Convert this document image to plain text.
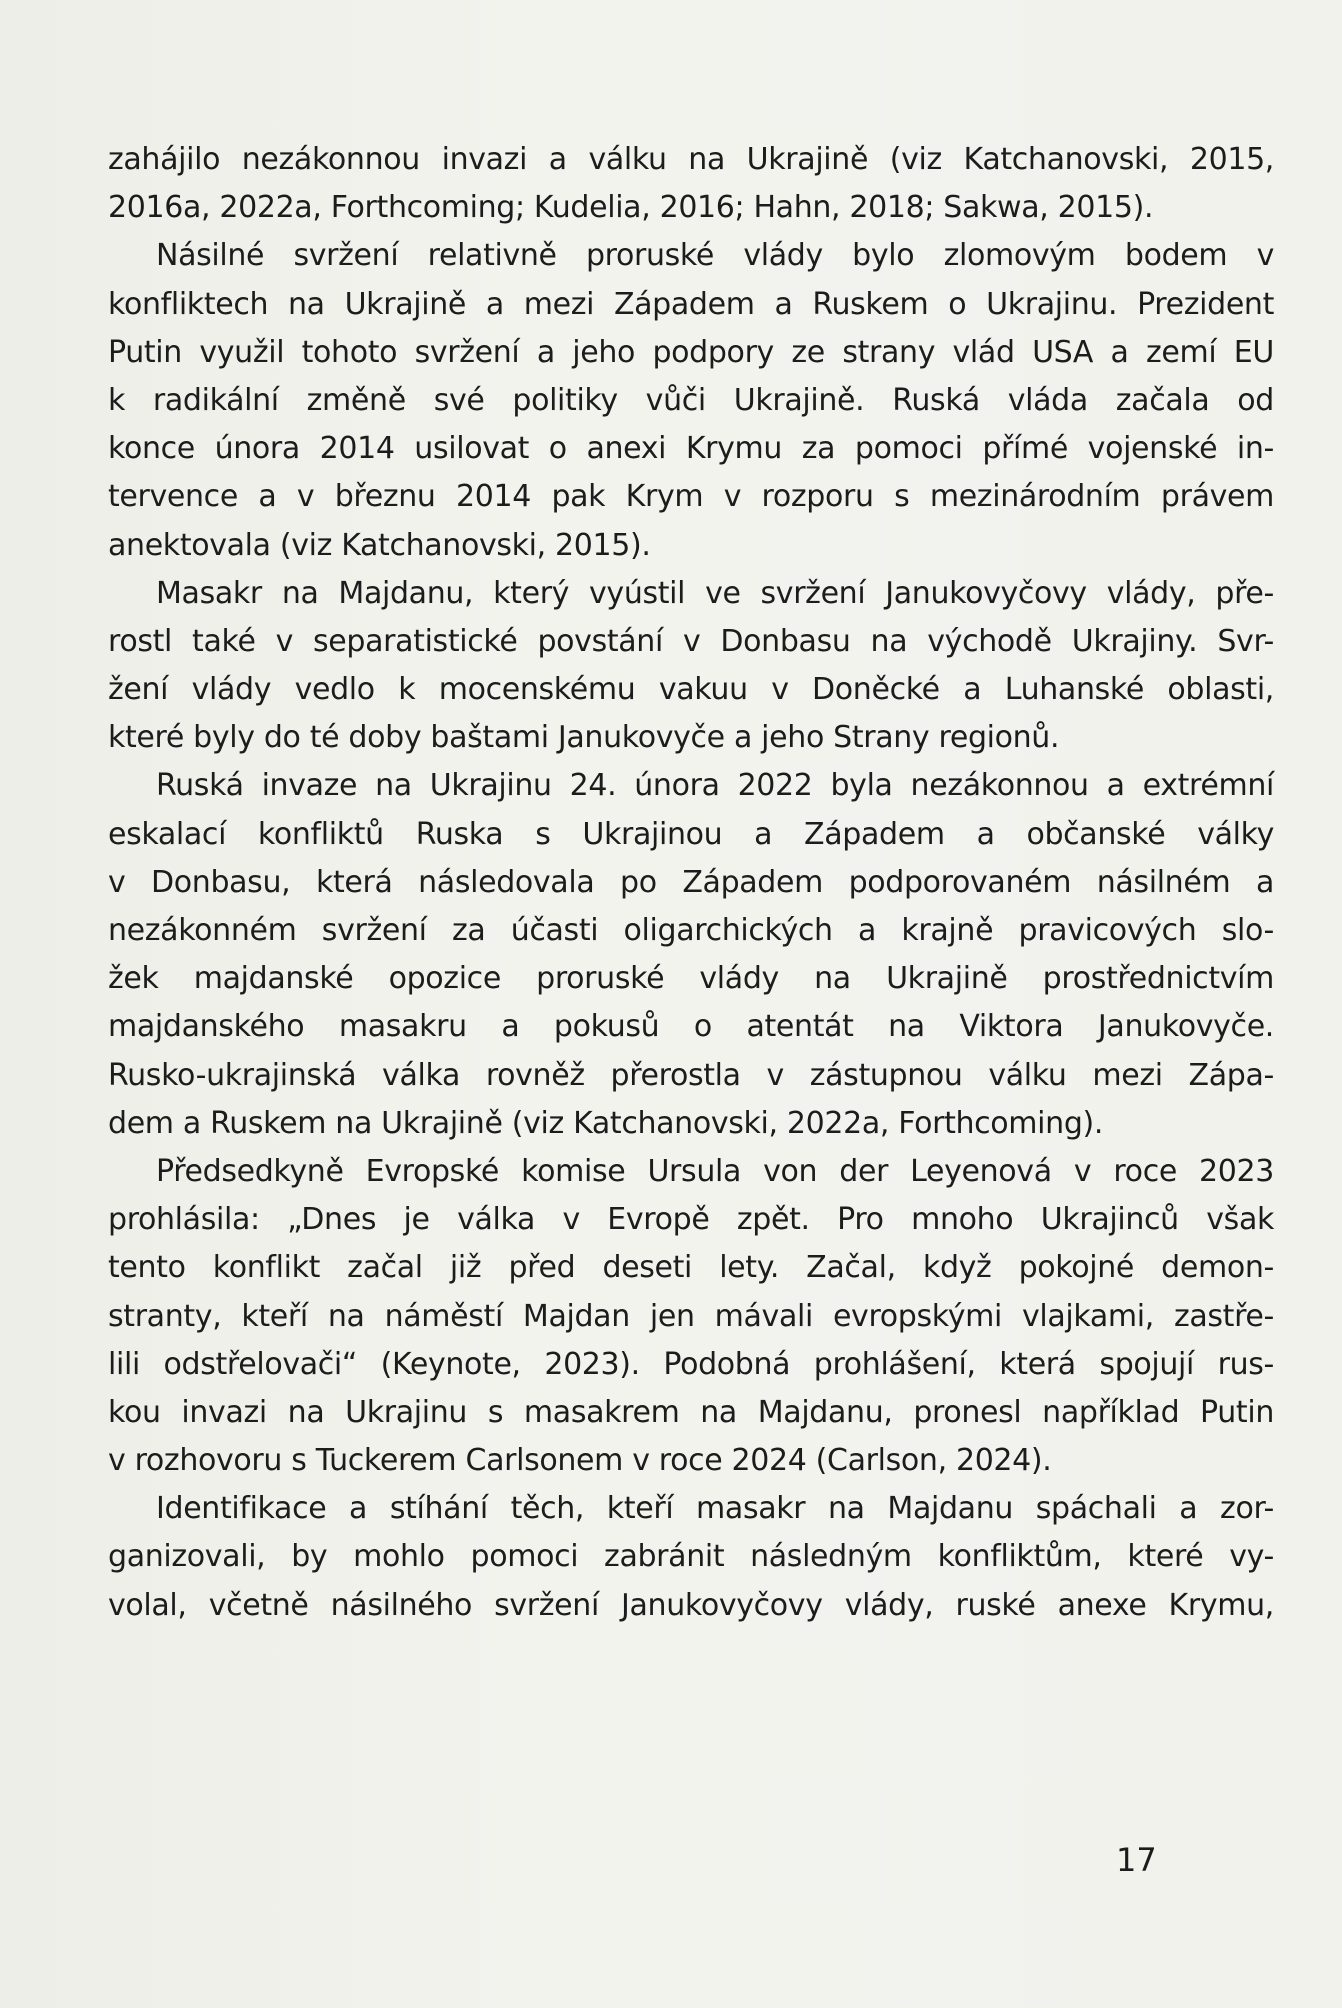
zahájilo nezákonnou invazi a válku na Ukrajině (viz Katchanovski, 2015,
2016a, 2022a, Forthcoming; Kudelia, 2016; Hahn, 2018; Sakwa, 2015).
Násilné svržení relativně proruské vlády bylo zlomovým bodem v
konfliktech na Ukrajině a mezi Západem a Ruskem o Ukrajinu. Prezident
Putin využil tohoto svržení a jeho podpory ze strany vlád USA a zemí EU
k radikální změně své politiky vůči Ukrajině. Ruská vláda začala od
konce února 2014 usilovat o anexi Krymu za pomoci přímé vojenské in-
tervence a v březnu 2014 pak Krym v rozporu s mezinárodním právem
anektovala (viz Katchanovski, 2015).
Masakr na Majdanu, který vyústil ve svržení Janukovyčovy vlády, pře-
rostl také v separatistické povstání v Donbasu na východě Ukrajiny. Svr-
žení vlády vedlo k mocenskému vakuu v Doněcké a Luhanské oblasti,
které byly do té doby baštami Janukovyče a jeho Strany regionů.
Ruská invaze na Ukrajinu 24. února 2022 byla nezákonnou a extrémní
eskalací konfliktů Ruska s Ukrajinou a Západem a občanské války
v Donbasu, která následovala po Západem podporovaném násilném a
nezákonném svržení za účasti oligarchických a krajně pravicových slo-
žek majdanské opozice proruské vlády na Ukrajině prostřednictvím
majdanského masakru a pokusů o atentát na Viktora Janukovyče.
Rusko-ukrajinská válka rovněž přerostla v zástupnou válku mezi Zápa-
dem a Ruskem na Ukrajině (viz Katchanovski, 2022a, Forthcoming).
Předsedkyně Evropské komise Ursula von der Leyenová v roce 2023
prohlásila: „Dnes je válka v Evropě zpět. Pro mnoho Ukrajinců však
tento konflikt začal již před deseti lety. Začal, když pokojné demon-
stranty, kteří na náměstí Majdan jen mávali evropskými vlajkami, zastře-
lili odstřelovači“ (Keynote, 2023). Podobná prohlášení, která spojují rus-
kou invazi na Ukrajinu s masakrem na Majdanu, pronesl například Putin
v rozhovoru s Tuckerem Carlsonem v roce 2024 (Carlson, 2024).
Identifikace a stíhání těch, kteří masakr na Majdanu spáchali a zor-
ganizovali, by mohlo pomoci zabránit následným konfliktům, které vy-
volal, včetně násilného svržení Janukovyčovy vlády, ruské anexe Krymu,
17
